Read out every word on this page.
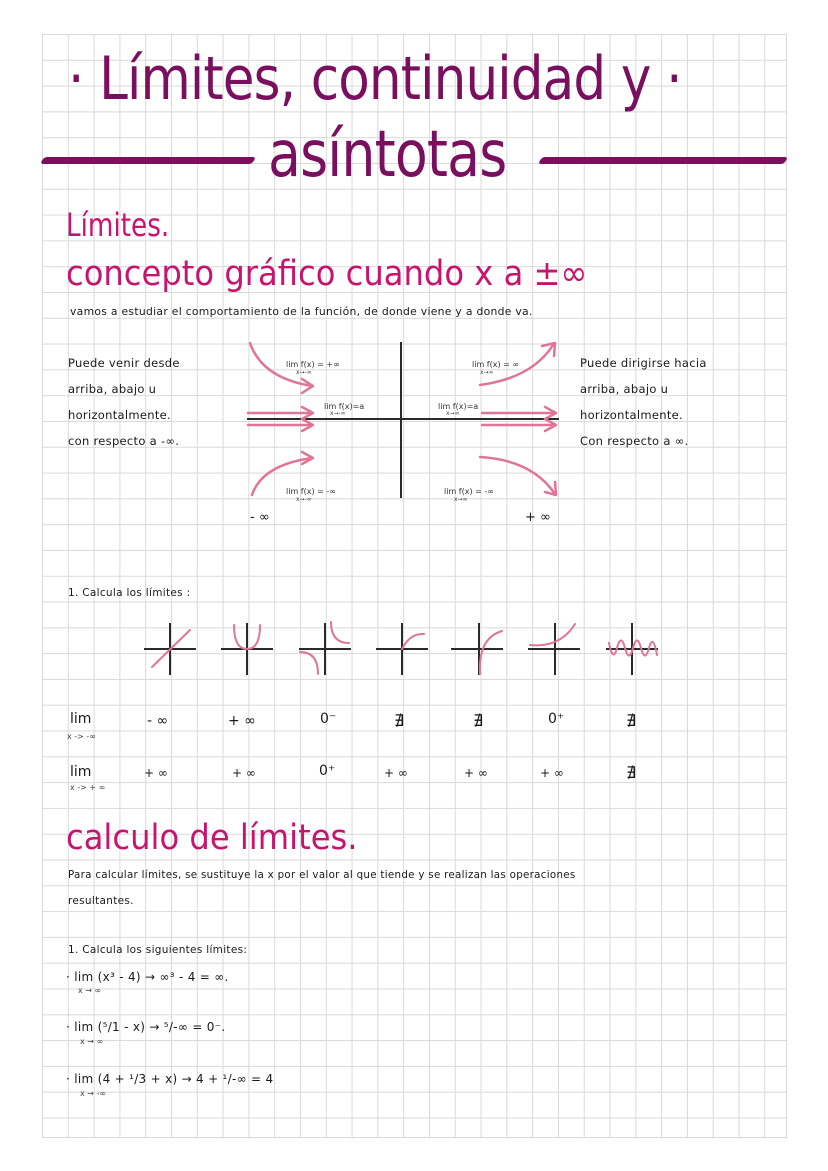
· Límites, continuidad y ·
asíntotas
Límites.
concepto gráfico cuando x a ±∞
vamos a estudiar el comportamiento de la función, de donde viene y a donde va.
Puede venir desde
arriba, abajo u
horizontalmente.
con respecto a -∞.
Puede dirigirse hacia
arriba, abajo u
horizontalmente.
Con respecto a ∞.
lim f(x) = +∞
x→-∞
lim f(x)=a
x→-∞
lim f(x) = -∞
x→-∞
lim f(x) = ∞
x→∞
lim f(x)=a
x→∞
lim f(x) = -∞
x→∞
- ∞	+ ∞
1. Calcula los límites :
lim
x -> -∞
- ∞	+ ∞	0⁻	∄	∄	0⁺	∄
lim
x -> + ∞
+ ∞	+ ∞	0⁺	+ ∞	+ ∞	+ ∞	∄
calculo de límites.
Para calcular límites, se sustituye la x por el valor al que tiende y se realizan las operaciones
resultantes.
1. Calcula los siguientes límites:
· lim (x³ - 4) → ∞³ - 4 = ∞.
x → ∞
· lim (⁵/1 - x) → ⁵/-∞ = 0⁻.
x → ∞
· lim (4 + ¹/3 + x) → 4 + ¹/-∞ = 4
x → -∞
